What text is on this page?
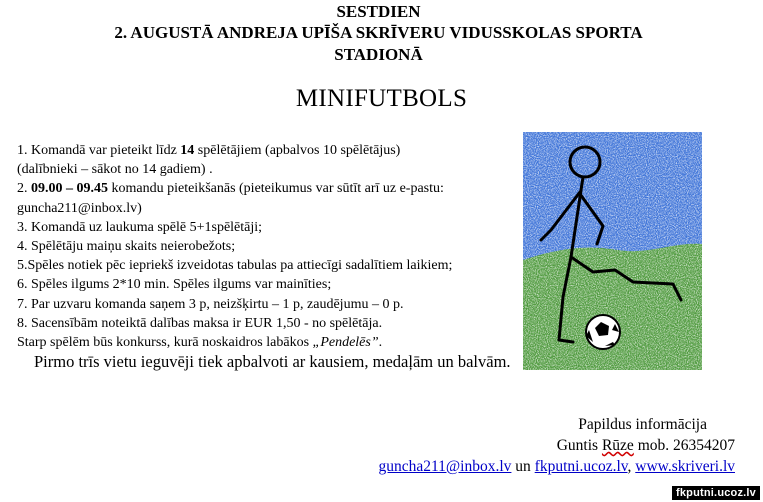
SESTDIEN
2. AUGUSTĀ ANDREJA UPĪŠA SKRĪVERU VIDUSSKOLAS SPORTA
STADIONĀ
MINIFUTBOLS
1. Komandā var pieteikt līdz 14 spēlētājiem (apbalvos 10 spēlētājus)
(dalībnieki – sākot no 14 gadiem) .
2. 09.00 – 09.45 komandu pieteikšanās (pieteikumus var sūtīt arī uz e-pastu:
guncha211@inbox.lv)
3. Komandā uz laukuma spēlē 5+1spēlētāji;
4. Spēlētāju maiņu skaits neierobežots;
5.Spēles notiek pēc iepriekš izveidotas tabulas pa attiecīgi sadalītiem laikiem;
6. Spēles ilgums 2*10 min. Spēles ilgums var mainīties;
7. Par uzvaru komanda saņem 3 p, neizšķirtu – 1 p, zaudējumu – 0 p.
8. Sacensībām noteiktā dalības maksa ir EUR 1,50 - no spēlētāja.
Starp spēlēm būs konkurss, kurā noskaidros labākos „Pendelēs”.

Pirmo trīs vietu ieguvēji tiek apbalvoti ar kausiem, medaļām un balvām.

Papildus informācija
Guntis Rūze mob. 26354207
guncha211@inbox.lv un fkputni.ucoz.lv, www.skriveri.lv
fkputni.ucoz.lv
